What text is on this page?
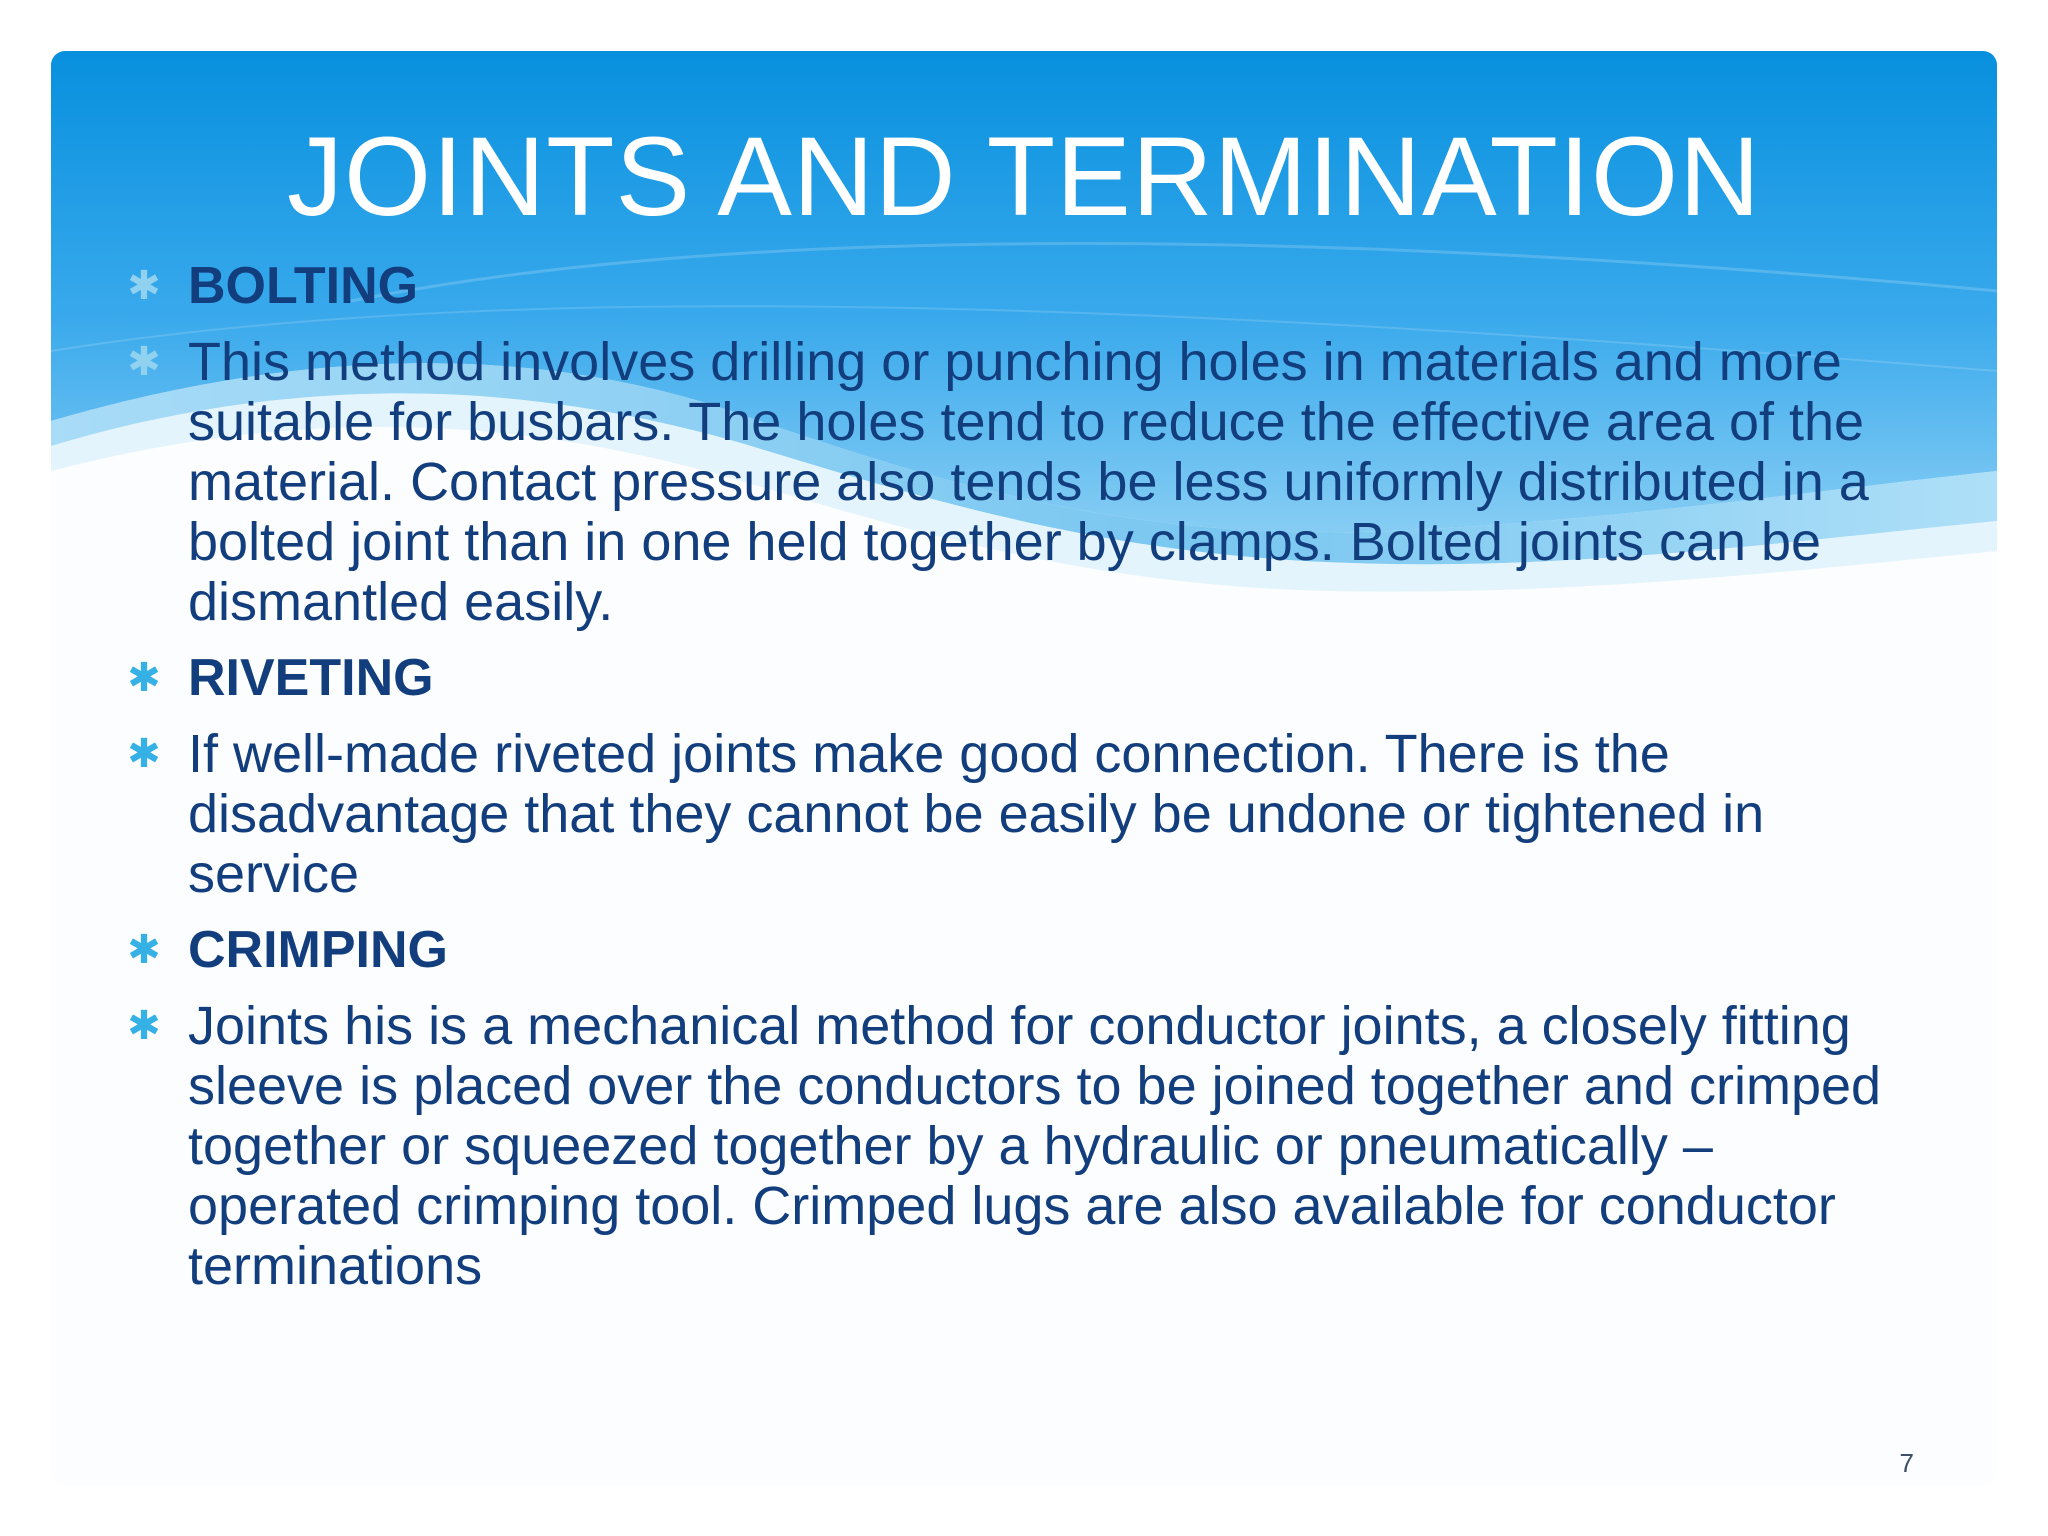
JOINTS AND TERMINATION
✱ BOLTING
✱ This method involves drilling or punching holes in materials and more suitable for busbars. The holes tend to reduce the effective area of the material. Contact pressure also tends be less uniformly distributed in a bolted joint than in one held together by clamps. Bolted joints can be dismantled easily.
✱ RIVETING
✱ If well-made riveted joints make good connection. There is the disadvantage that they cannot be easily be undone or tightened in service
✱ CRIMPING
✱ Joints his is a mechanical method for conductor joints, a closely fitting sleeve is placed over the conductors to be joined together and crimped together or squeezed together by a hydraulic or pneumatically – operated crimping tool. Crimped lugs are also available for conductor terminations
7
